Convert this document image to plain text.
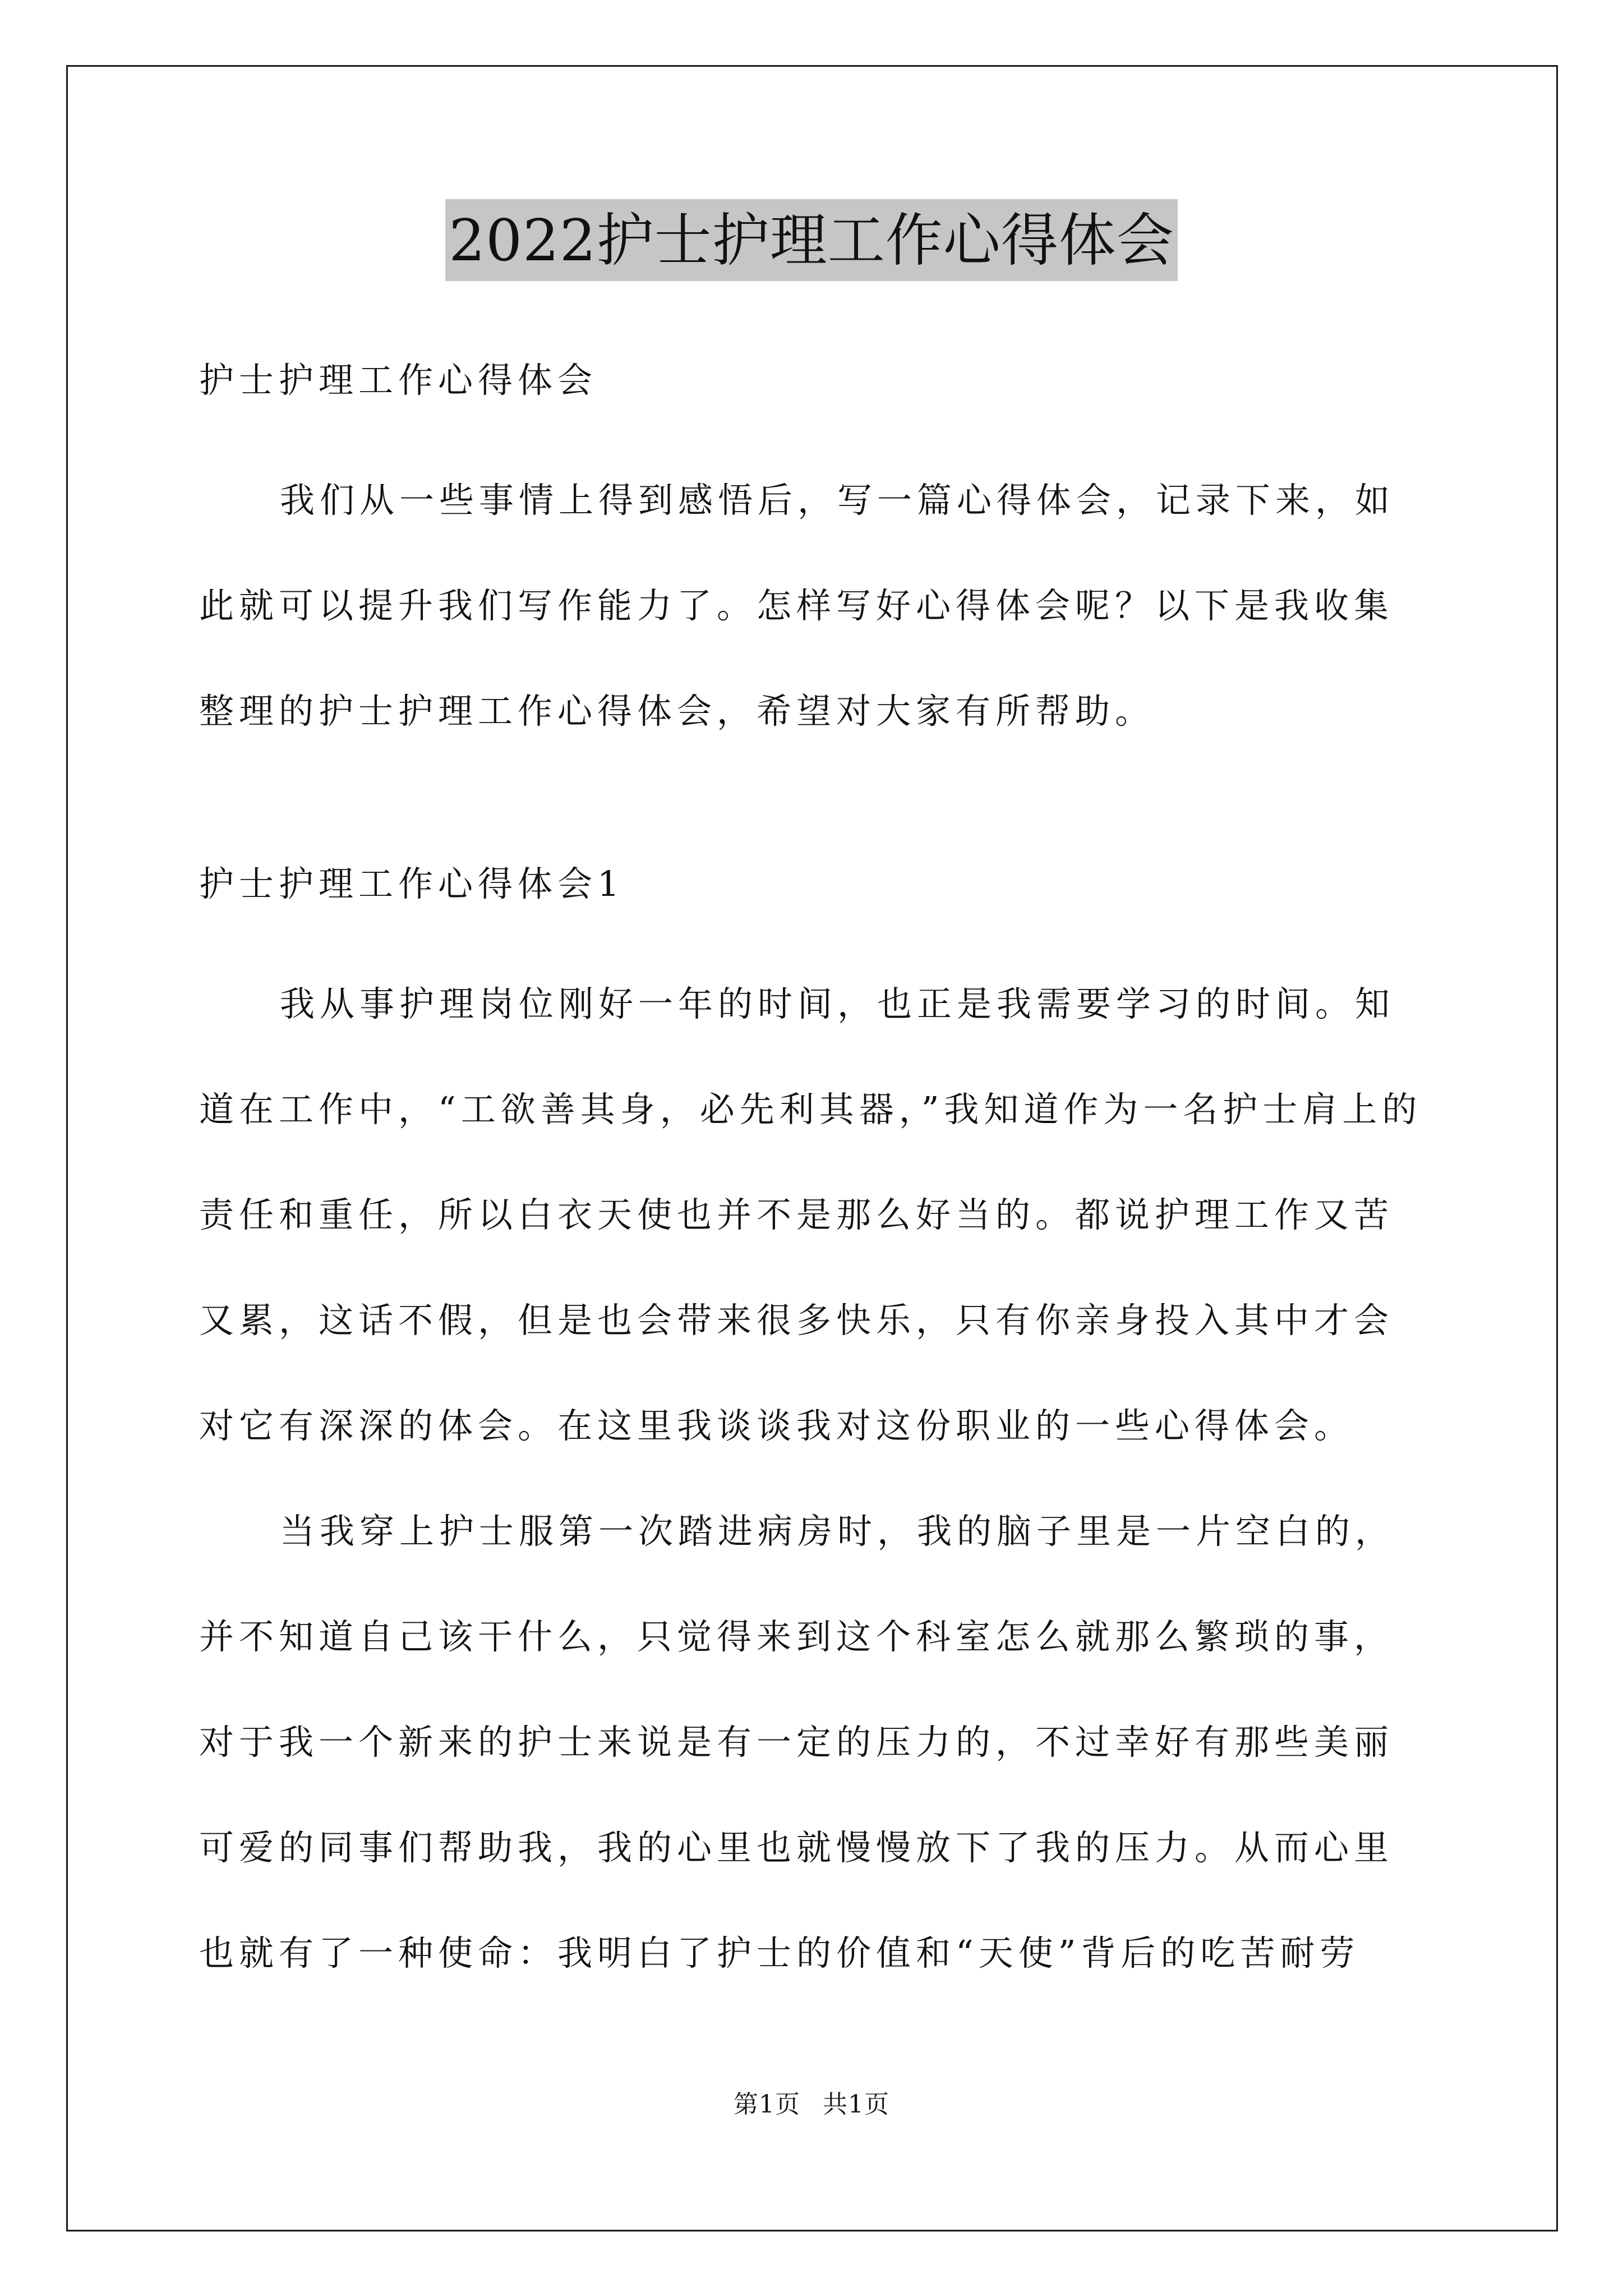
2022护士护理工作心得体会

护士护理工作心得体会

我们从一些事情上得到感悟后，写一篇心得体会，记录下来，如此就可以提升我们写作能力了。怎样写好心得体会呢？以下是我收集整理的护士护理工作心得体会，希望对大家有所帮助。

护士护理工作心得体会1

我从事护理岗位刚好一年的时间，也正是我需要学习的时间。知道在工作中，“工欲善其身，必先利其器，”我知道作为一名护士肩上的责任和重任，所以白衣天使也并不是那么好当的。都说护理工作又苦又累，这话不假，但是也会带来很多快乐，只有你亲身投入其中才会对它有深深的体会。在这里我谈谈我对这份职业的一些心得体会。

当我穿上护士服第一次踏进病房时，我的脑子里是一片空白的，并不知道自己该干什么，只觉得来到这个科室怎么就那么繁琐的事，对于我一个新来的护士来说是有一定的压力的，不过幸好有那些美丽可爱的同事们帮助我，我的心里也就慢慢放下了我的压力。从而心里也就有了一种使命：我明白了护士的价值和“天使”背后的吃苦耐劳

第1页 共1页
